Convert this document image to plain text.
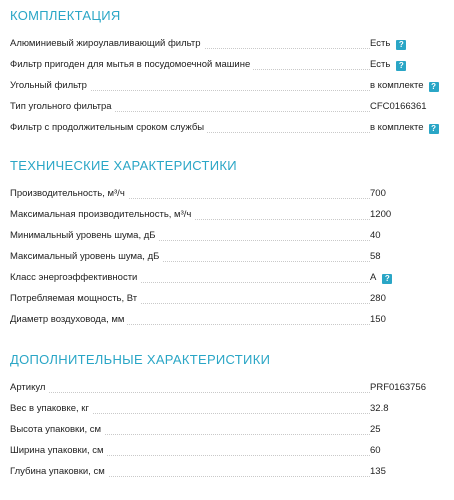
КОМПЛЕКТАЦИЯ
Алюминиевый жироулавливающий фильтр	Есть ?
Фильтр пригоден для мытья в посудомоечной машине	Есть ?
Угольный фильтр	в комплекте ?
Тип угольного фильтра	CFC0166361
Фильтр с продолжительным сроком службы	в комплекте ?
ТЕХНИЧЕСКИЕ ХАРАКТЕРИСТИКИ
Производительность, м³/ч	700
Максимальная производительность, м³/ч	1200
Минимальный уровень шума, дБ	40
Максимальный уровень шума, дБ	58
Класс энергоэффективности	A ?
Потребляемая мощность, Вт	280
Диаметр воздуховода, мм	150
ДОПОЛНИТЕЛЬНЫЕ ХАРАКТЕРИСТИКИ
Артикул	PRF0163756
Вес в упаковке, кг	32.8
Высота упаковки, см	25
Ширина упаковки, см	60
Глубина упаковки, см	135
